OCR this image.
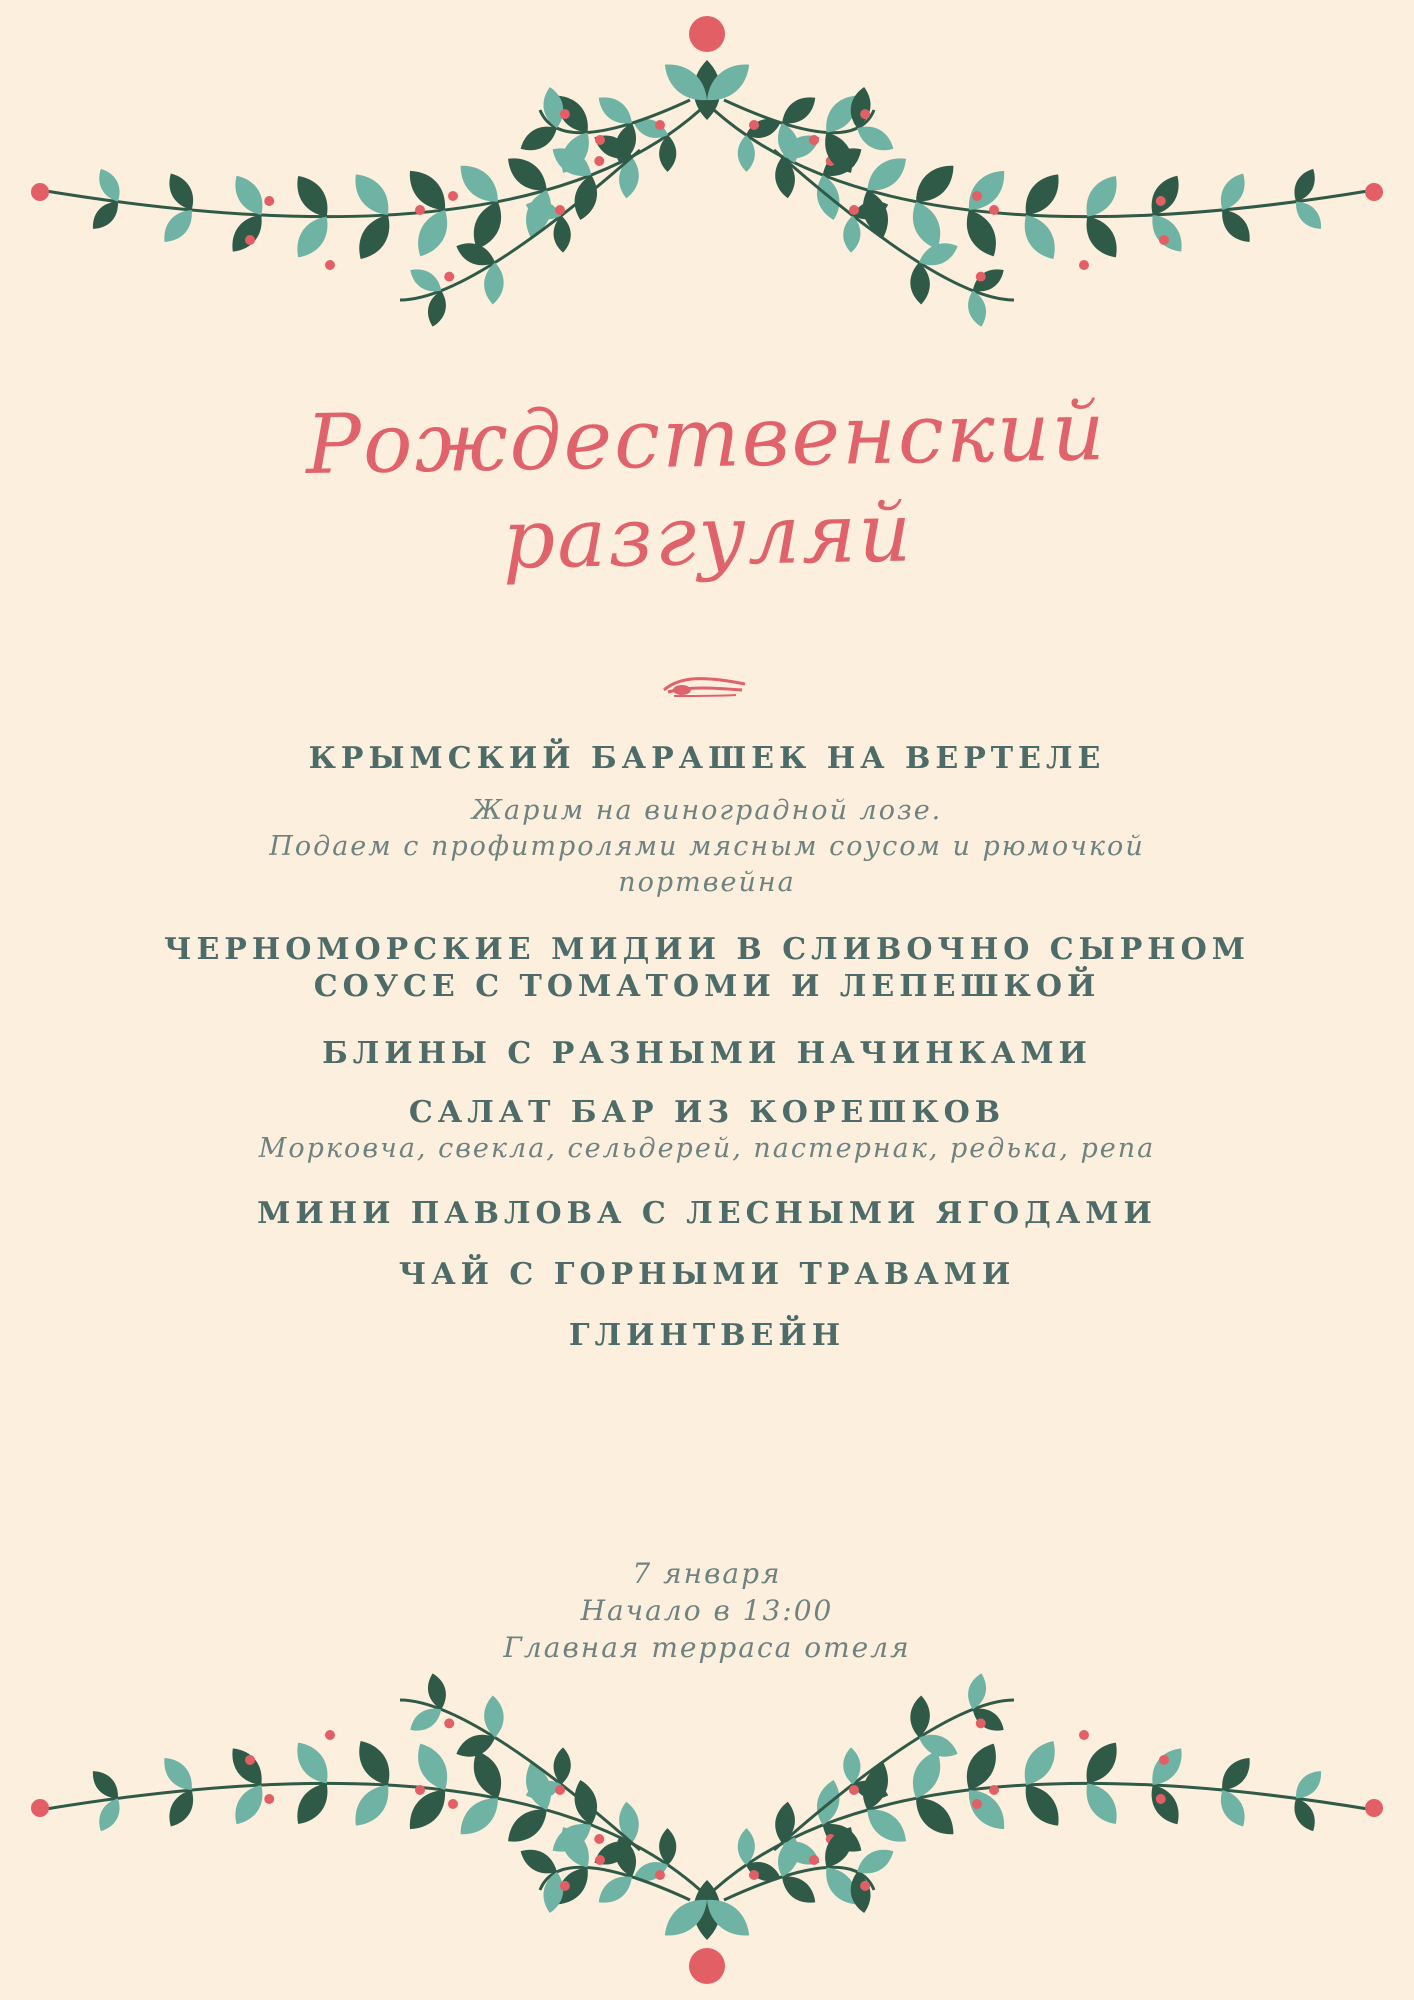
Рождественский
разгуляй
КРЫМСКИЙ БАРАШЕК НА ВЕРТЕЛЕ
Жарим на виноградной лозе.
Подаем с профитролями мясным соусом и рюмочкой
портвейна
ЧЕРНОМОРСКИЕ МИДИИ В СЛИВОЧНО СЫРНОМ
СОУСЕ С ТОМАТОМИ И ЛЕПЕШКОЙ
БЛИНЫ С РАЗНЫМИ НАЧИНКАМИ
САЛАТ БАР ИЗ КОРЕШКОВ
Морковча, свекла, сельдерей, пастернак, редька, репа
МИНИ ПАВЛОВА С ЛЕСНЫМИ ЯГОДАМИ
ЧАЙ С ГОРНЫМИ ТРАВАМИ
ГЛИНТВЕЙН
7 января
Начало в 13:00
Главная терраса отеля
